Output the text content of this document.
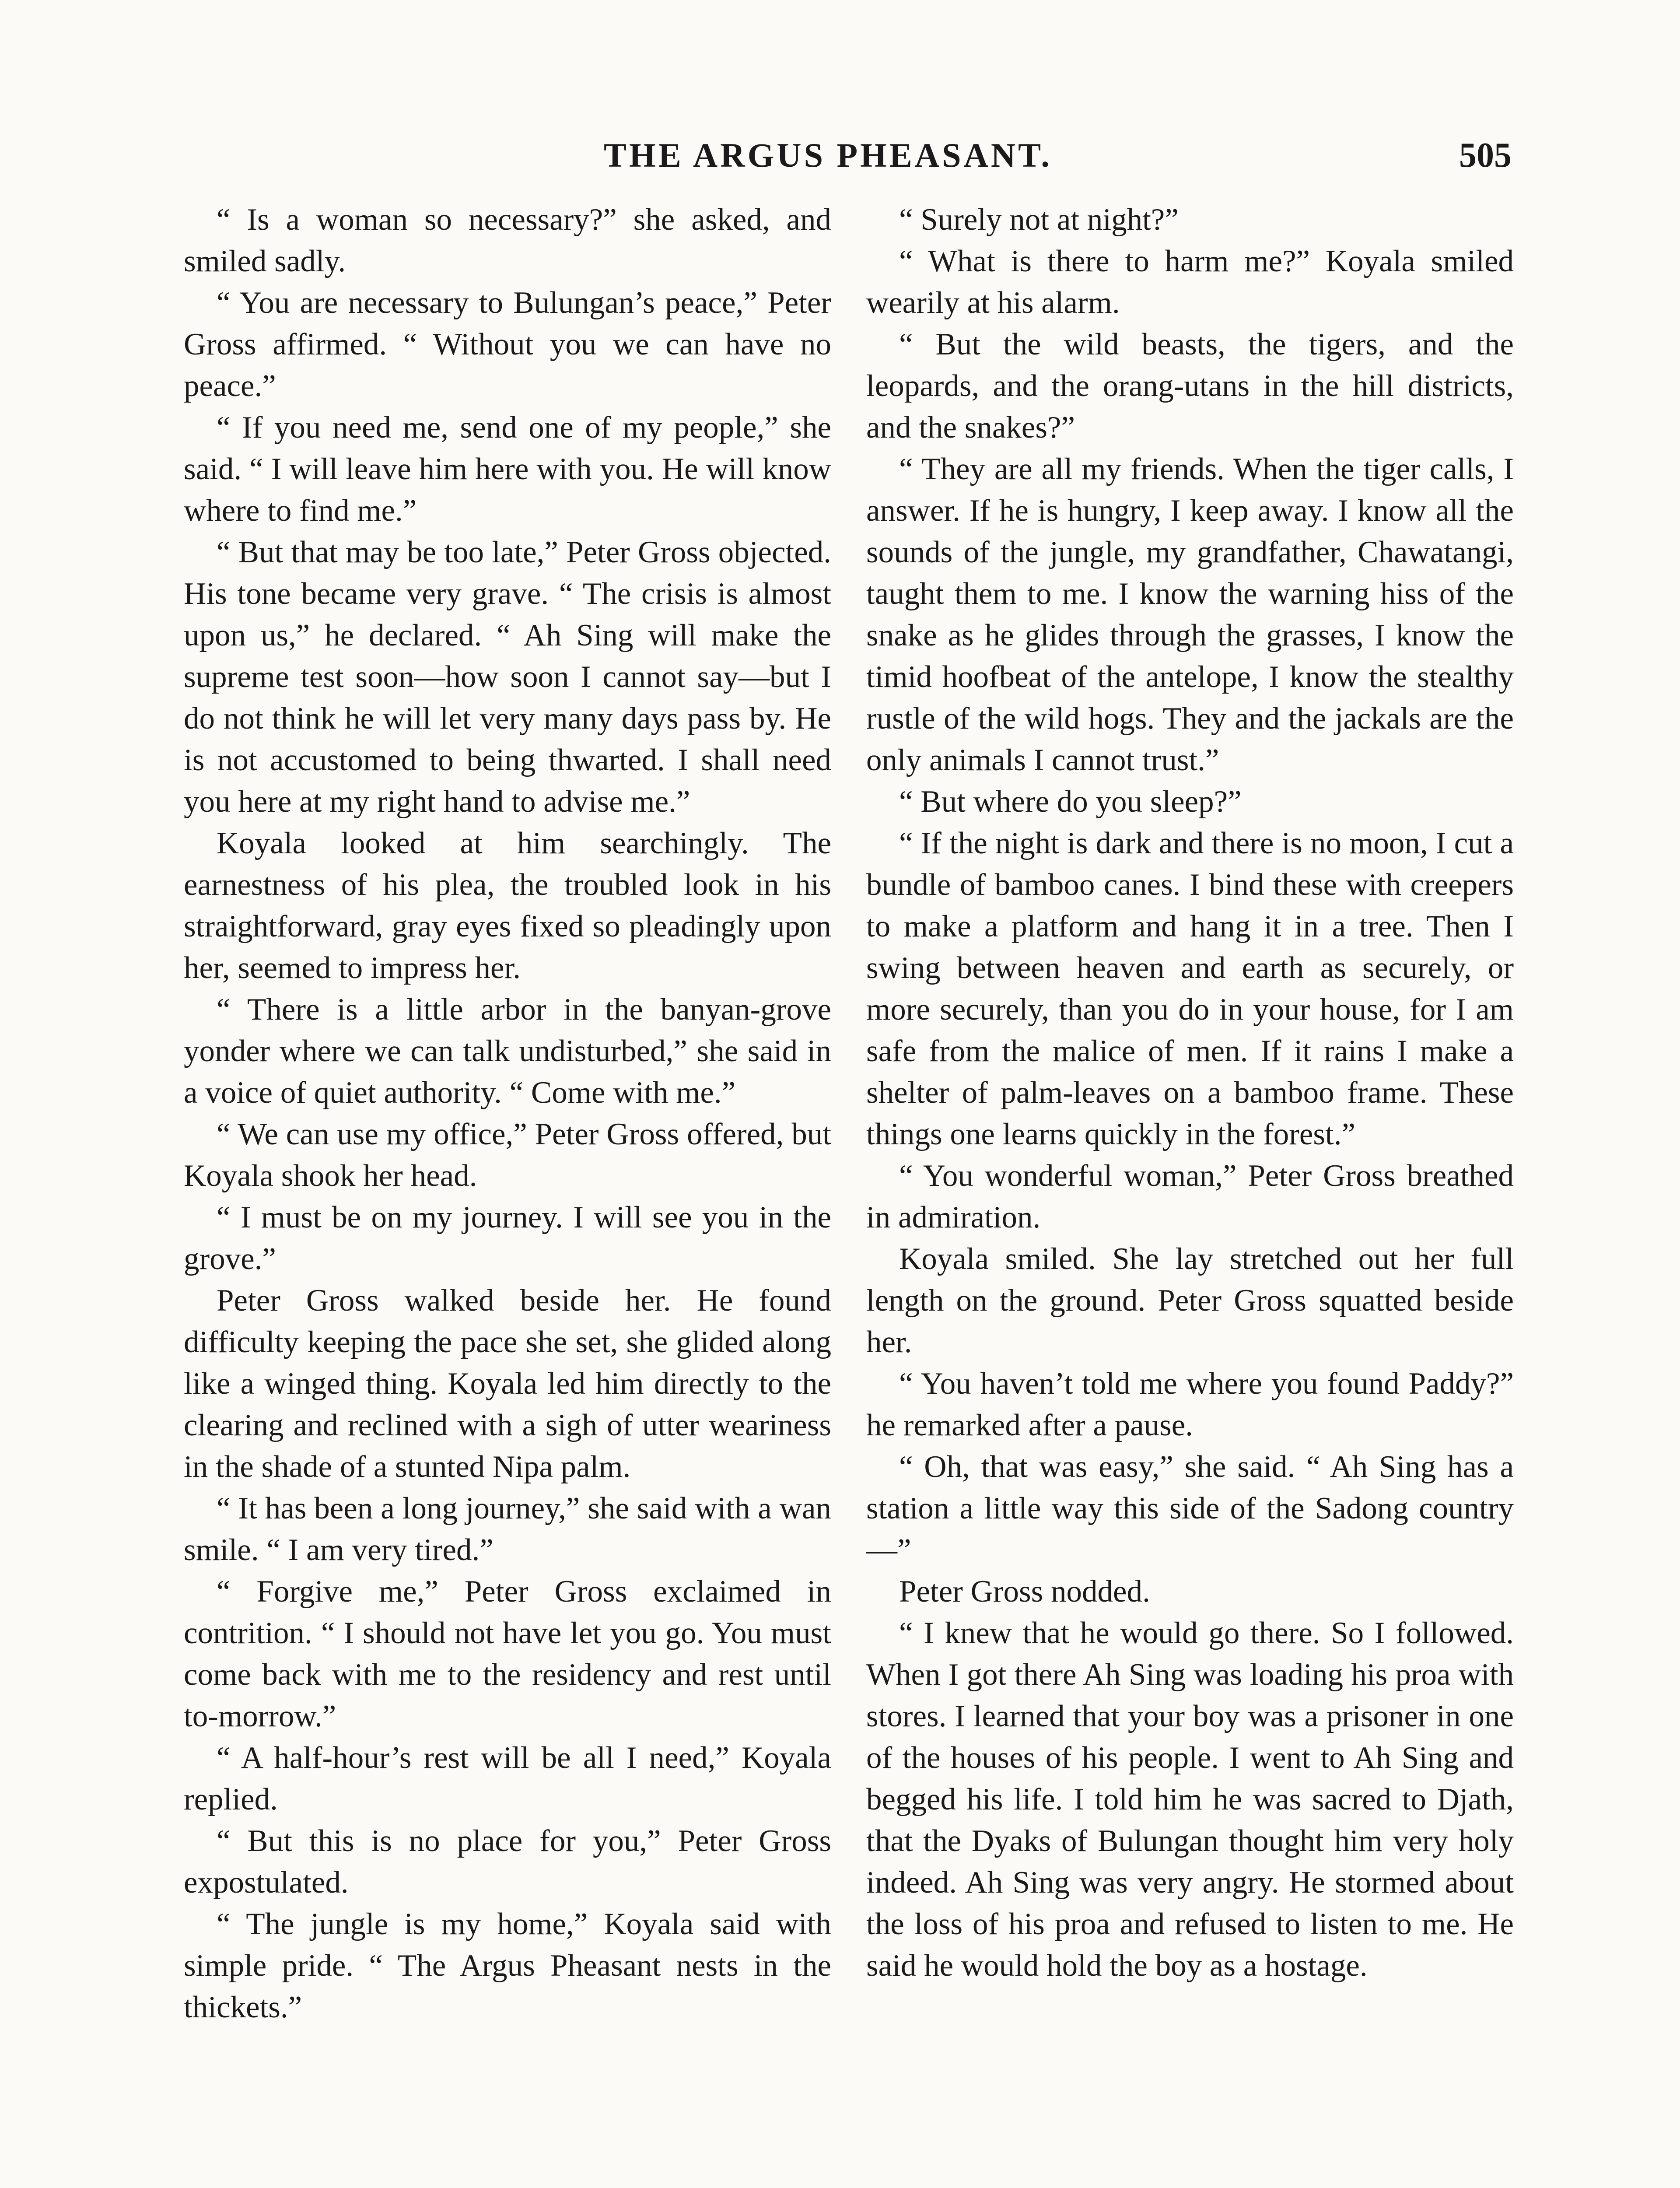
THE ARGUS PHEASANT.	505

“ Is a woman so necessary?” she asked, and smiled sadly.

“ You are necessary to Bulungan’s peace,” Peter Gross affirmed. “ Without you we can have no peace.”

“ If you need me, send one of my people,” she said. “ I will leave him here with you. He will know where to find me.”

“ But that may be too late,” Peter Gross objected. His tone became very grave. “ The crisis is almost upon us,” he declared. “ Ah Sing will make the supreme test soon—how soon I cannot say—but I do not think he will let very many days pass by. He is not accustomed to being thwarted. I shall need you here at my right hand to advise me.”

Koyala looked at him searchingly. The earnestness of his plea, the troubled look in his straightforward, gray eyes fixed so pleadingly upon her, seemed to impress her.

“ There is a little arbor in the banyan-grove yonder where we can talk undisturbed,” she said in a voice of quiet authority. “ Come with me.”

“ We can use my office,” Peter Gross offered, but Koyala shook her head.

“ I must be on my journey. I will see you in the grove.”

Peter Gross walked beside her. He found difficulty keeping the pace she set, she glided along like a winged thing. Koyala led him directly to the clearing and reclined with a sigh of utter weariness in the shade of a stunted Nipa palm.

“ It has been a long journey,” she said with a wan smile. “ I am very tired.”

“ Forgive me,” Peter Gross exclaimed in contrition. “ I should not have let you go. You must come back with me to the residency and rest until to-morrow.”

“ A half-hour’s rest will be all I need,” Koyala replied.

“ But this is no place for you,” Peter Gross expostulated.

“ The jungle is my home,” Koyala said with simple pride. “ The Argus Pheasant nests in the thickets.”

“ Surely not at night?”

“ What is there to harm me?” Koyala smiled wearily at his alarm.

“ But the wild beasts, the tigers, and the leopards, and the orang-utans in the hill districts, and the snakes?”

“ They are all my friends. When the tiger calls, I answer. If he is hungry, I keep away. I know all the sounds of the jungle, my grandfather, Chawatangi, taught them to me. I know the warning hiss of the snake as he glides through the grasses, I know the timid hoofbeat of the antelope, I know the stealthy rustle of the wild hogs. They and the jackals are the only animals I cannot trust.”

“ But where do you sleep?”

“ If the night is dark and there is no moon, I cut a bundle of bamboo canes. I bind these with creepers to make a platform and hang it in a tree. Then I swing between heaven and earth as securely, or more securely, than you do in your house, for I am safe from the malice of men. If it rains I make a shelter of palm-leaves on a bamboo frame. These things one learns quickly in the forest.”

“ You wonderful woman,” Peter Gross breathed in admiration.

Koyala smiled. She lay stretched out her full length on the ground. Peter Gross squatted beside her.

“ You haven’t told me where you found Paddy?” he remarked after a pause.

“ Oh, that was easy,” she said. “ Ah Sing has a station a little way this side of the Sadong country—”

Peter Gross nodded.

“ I knew that he would go there. So I followed. When I got there Ah Sing was loading his proa with stores. I learned that your boy was a prisoner in one of the houses of his people. I went to Ah Sing and begged his life. I told him he was sacred to Djath, that the Dyaks of Bulungan thought him very holy indeed. Ah Sing was very angry. He stormed about the loss of his proa and refused to listen to me. He said he would hold the boy as a hostage.
